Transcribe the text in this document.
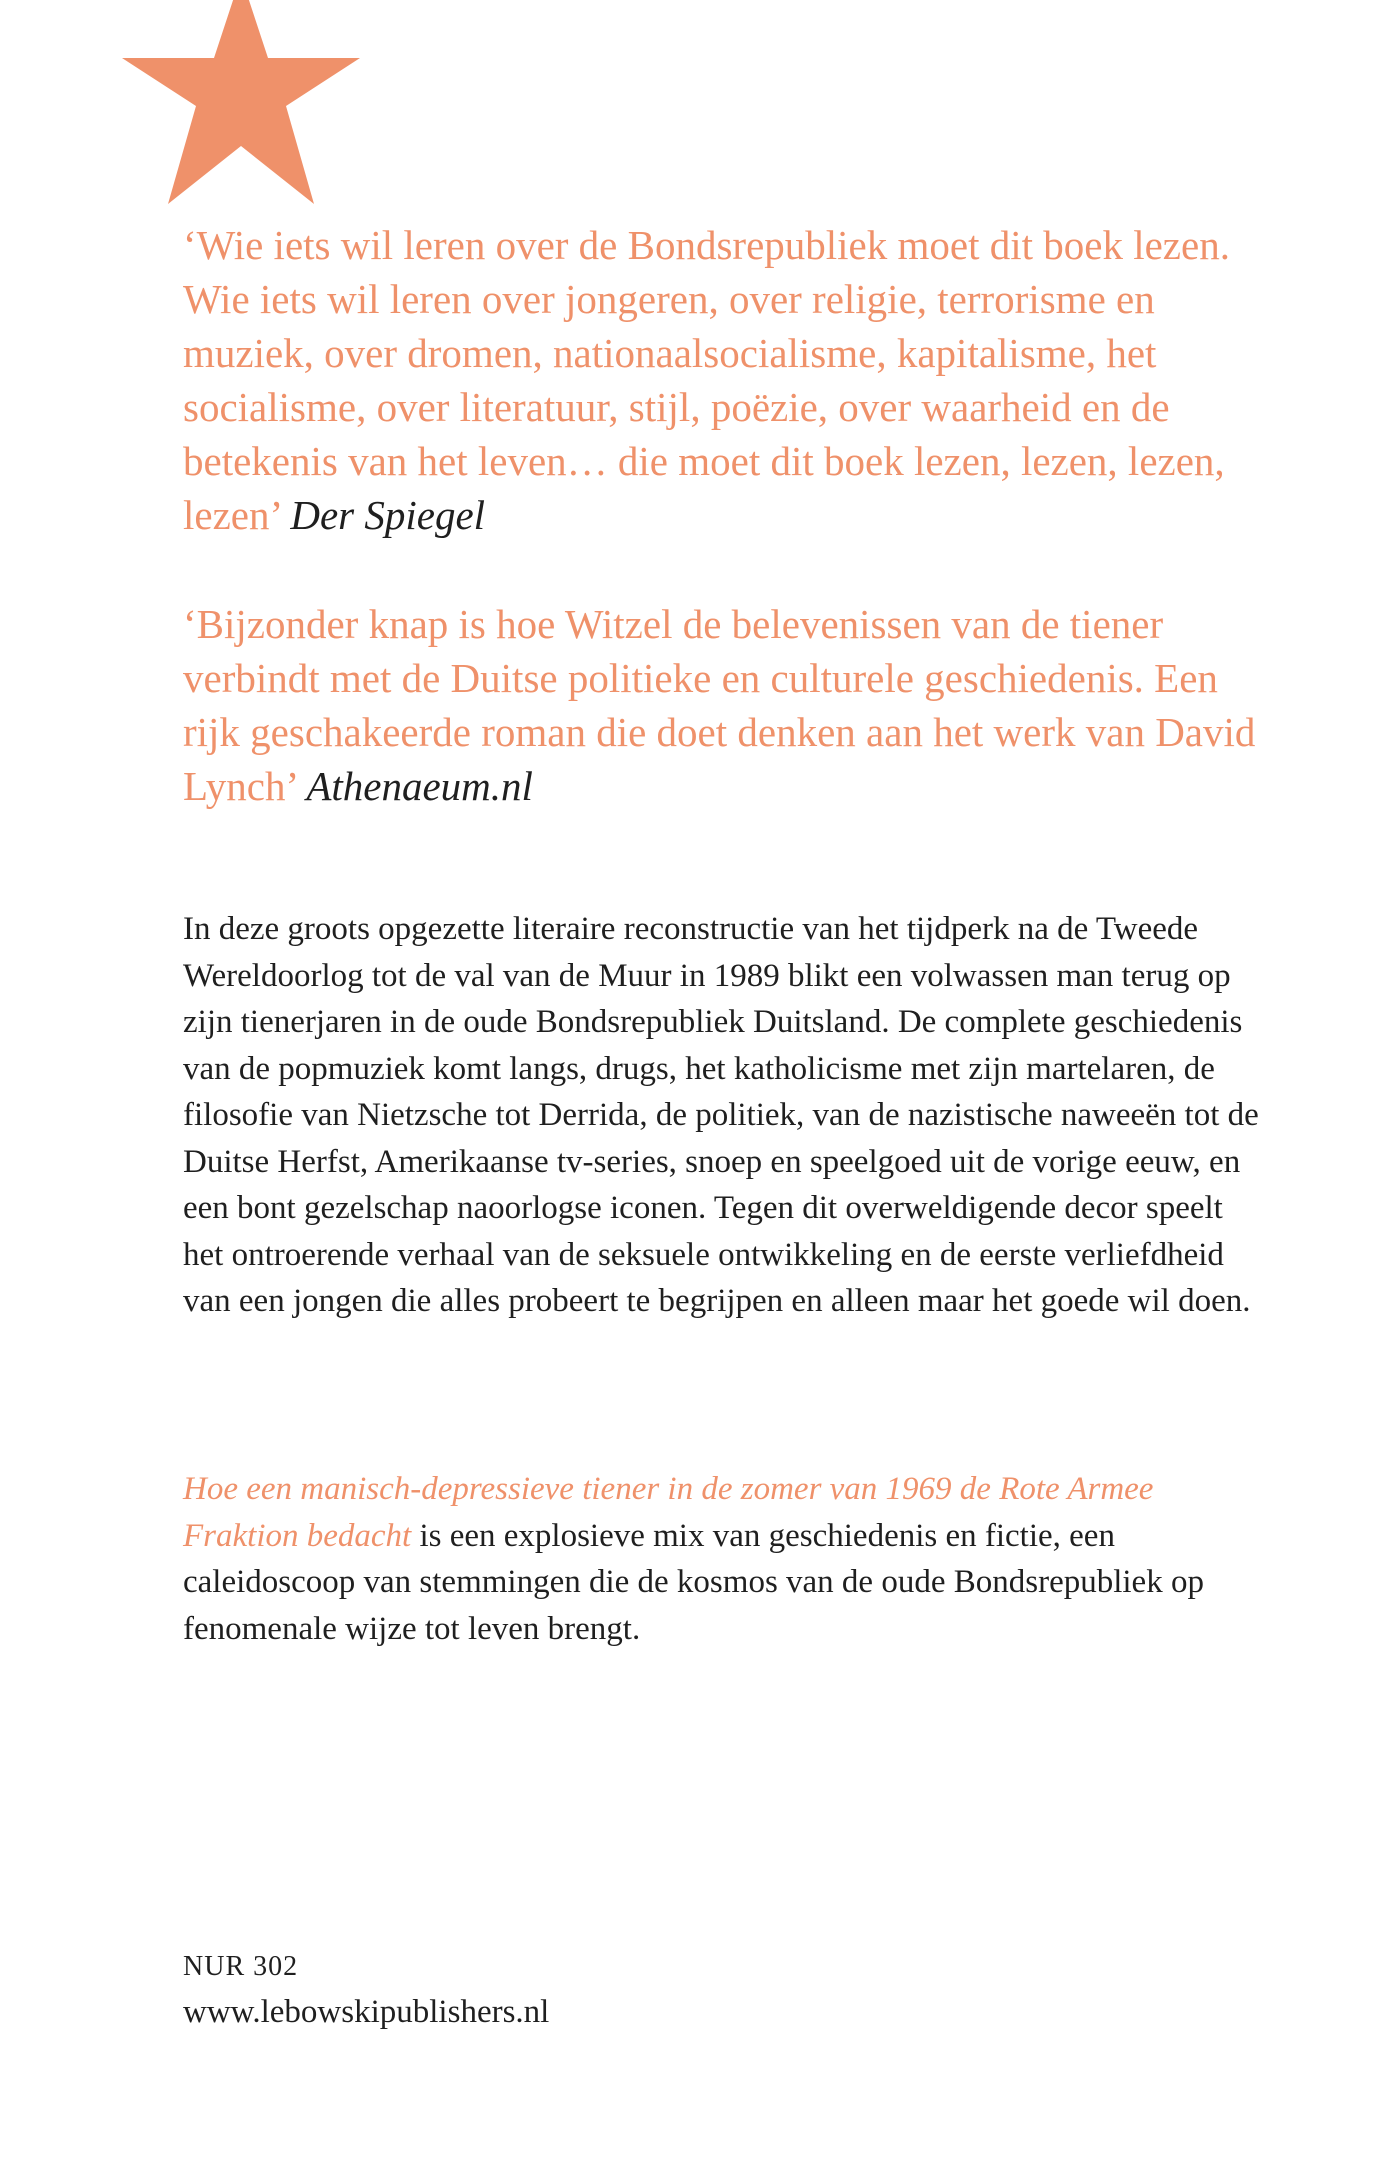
‘Wie iets wil leren over de Bondsrepubliek moet dit boek lezen. Wie iets wil leren over jongeren, over religie, terrorisme en muziek, over dromen, nationaalsocialisme, kapitalisme, het socialisme, over literatuur, stijl, poëzie, over waarheid en de betekenis van het leven… die moet dit boek lezen, lezen, lezen, lezen’ Der Spiegel

‘Bijzonder knap is hoe Witzel de belevenissen van de tiener verbindt met de Duitse politieke en culturele geschiedenis. Een rijk geschakeerde roman die doet denken aan het werk van David Lynch’ Athenaeum.nl

In deze groots opgezette literaire reconstructie van het tijdperk na de Tweede Wereldoorlog tot de val van de Muur in 1989 blikt een volwassen man terug op zijn tienerjaren in de oude Bondsrepubliek Duitsland. De complete geschiedenis van de popmuziek komt langs, drugs, het katholicisme met zijn martelaren, de filosofie van Nietzsche tot Derrida, de politiek, van de nazistische naweeën tot de Duitse Herfst, Amerikaanse tv-series, snoep en speelgoed uit de vorige eeuw, en een bont gezelschap naoorlogse iconen. Tegen dit overweldigende decor speelt het ontroerende verhaal van de seksuele ontwikkeling en de eerste verliefdheid van een jongen die alles probeert te begrijpen en alleen maar het goede wil doen.

Hoe een manisch-depressieve tiener in de zomer van 1969 de Rote Armee Fraktion bedacht is een explosieve mix van geschiedenis en fictie, een caleidoscoop van stemmingen die de kosmos van de oude Bondsrepubliek op fenomenale wijze tot leven brengt.

NUR 302
www.lebowskipublishers.nl
